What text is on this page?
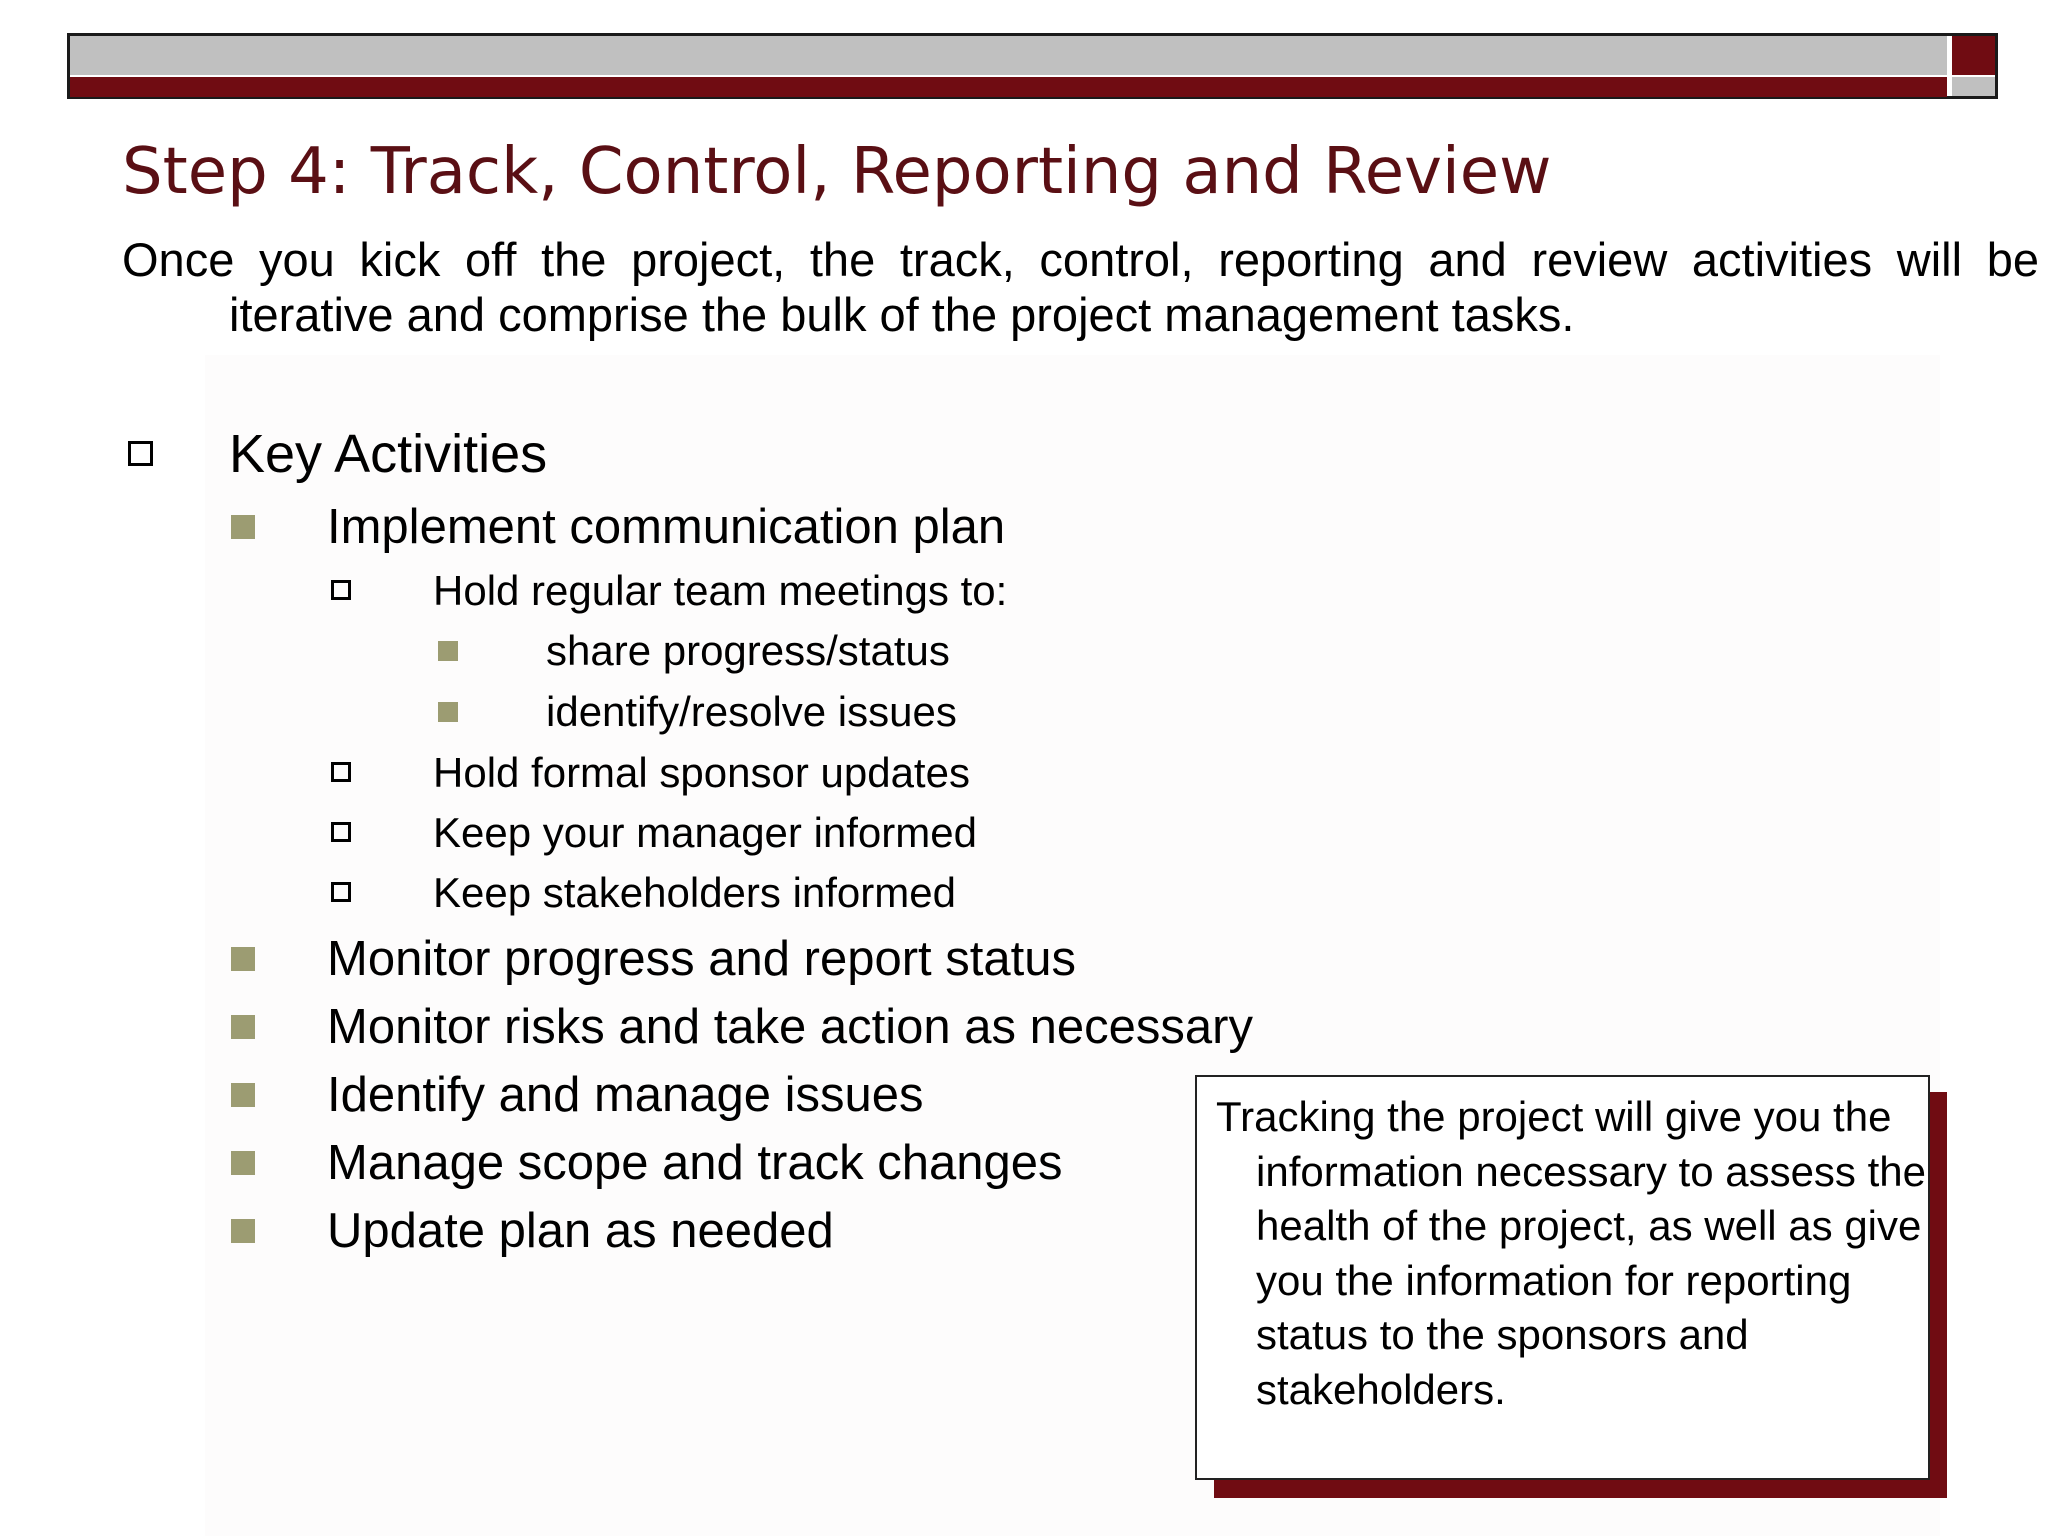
Step 4: Track, Control, Reporting and Review

Once you kick off the project, the track, control, reporting and review activities will be iterative and comprise the bulk of the project management tasks.

Key Activities

Implement communication plan

Hold regular team meetings to:

share progress/status

identify/resolve issues

Hold formal sponsor updates

Keep your manager informed

Keep stakeholders informed

Monitor progress and report status

Monitor risks and take action as necessary

Identify and manage issues

Manage scope and track changes

Update plan as needed

Tracking the project will give you the information necessary to assess the health of the project, as well as give you the information for reporting status to the sponsors and stakeholders.
